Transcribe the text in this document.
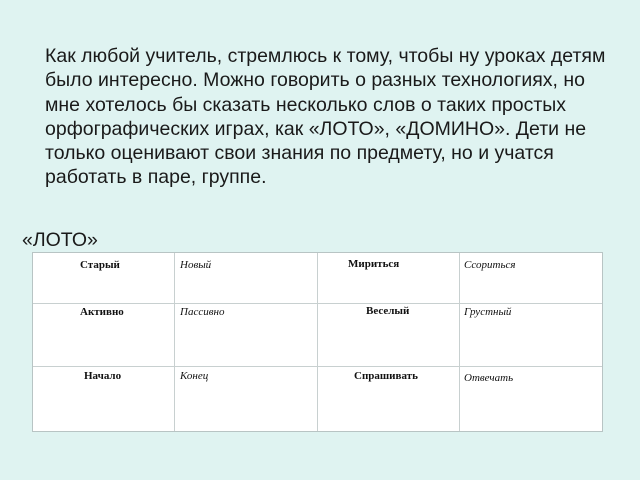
Как любой учитель, стремлюсь к тому, чтобы ну уроках детям было интересно. Можно говорить о разных технологиях, но мне хотелось бы сказать несколько слов о таких простых орфографических играх, как «ЛОТО», «ДОМИНО». Дети не только оценивают свои знания по предмету, но и учатся работать в паре, группе.

«ЛОТО»

Старый	Новый	Мириться	Ссориться
Активно	Пассивно	Веселый	Грустный
Начало	Конец	Спрашивать	Отвечать
